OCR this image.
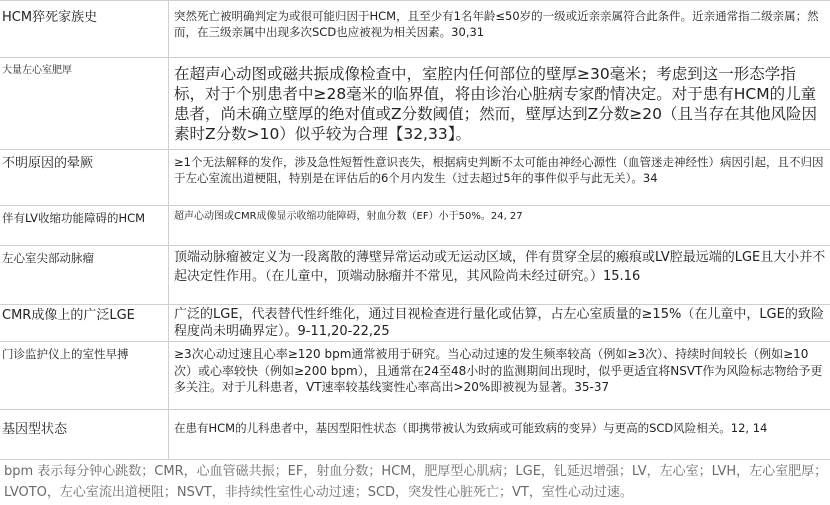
HCM猝死家族史	突然死亡被明确判定为或很可能归因于HCM，且至少有1名年龄≤50岁的一级或近亲亲属符合此条件。近亲通常指二级亲属；然而，在三级亲属中出现多次SCD也应被视为相关因素。30,31
大量左心室肥厚	在超声心动图或磁共振成像检查中，室腔内任何部位的壁厚≥30毫米；考虑到这一形态学指标，对于个别患者中≥28毫米的临界值，将由诊治心脏病专家酌情决定。对于患有HCM的儿童患者，尚未确立壁厚的绝对值或Z分数阈值；然而，壁厚达到Z分数≥20（且当存在其他风险因素时Z分数>10）似乎较为合理【32,33】。
不明原因的晕厥	≥1个无法解释的发作，涉及急性短暂性意识丧失，根据病史判断不太可能由神经心源性（血管迷走神经性）病因引起，且不归因于左心室流出道梗阻，特别是在评估后的6个月内发生（过去超过5年的事件似乎与此无关）。34
伴有LV收缩功能障碍的HCM	超声心动图或CMR成像显示收缩功能障碍，射血分数（EF）小于50%。24, 27
左心室尖部动脉瘤	顶端动脉瘤被定义为一段离散的薄壁异常运动或无运动区域，伴有贯穿全层的瘢痕或LV腔最远端的LGE且大小并不起决定性作用。（在儿童中，顶端动脉瘤并不常见，其风险尚未经过研究。）15.16
CMR成像上的广泛LGE	广泛的LGE，代表替代性纤维化，通过目视检查进行量化或估算，占左心室质量的≥15%（在儿童中，LGE的致险程度尚未明确界定）。9-11,20-22,25
门诊监护仪上的室性早搏	≥3次心动过速且心率≥120 bpm通常被用于研究。当心动过速的发生频率较高（例如≥3次）、持续时间较长（例如≥10次）或心率较快（例如≥200 bpm），且通常在24至48小时的监测期间出现时，似乎更适宜将NSVT作为风险标志物给予更多关注。对于儿科患者，VT速率较基线窦性心率高出>20%即被视为显著。35-37
基因型状态	在患有HCM的儿科患者中，基因型阳性状态（即携带被认为致病或可能致病的变异）与更高的SCD风险相关。12, 14
bpm 表示每分钟心跳数；CMR，心血管磁共振；EF，射血分数；HCM，肥厚型心肌病；LGE，钆延迟增强；LV，左心室；LVH，左心室肥厚；LVOTO，左心室流出道梗阻；NSVT，非持续性室性心动过速；SCD，突发性心脏死亡；VT，室性心动过速。
